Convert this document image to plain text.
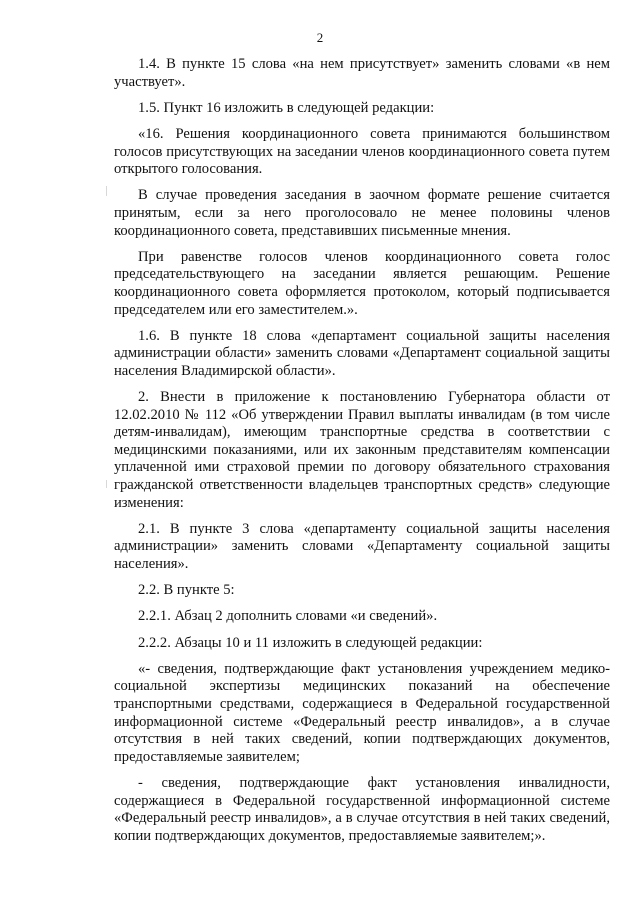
2

1.4. В пункте 15 слова «на нем присутствует» заменить словами «в нем участвует».

1.5. Пункт 16 изложить в следующей редакции:

«16. Решения координационного совета принимаются большинством голосов присутствующих на заседании членов координационного совета путем открытого голосования.

В случае проведения заседания в заочном формате решение считается принятым, если за него проголосовало не менее половины членов координационного совета, представивших письменные мнения.

При равенстве голосов членов координационного совета голос председательствующего на заседании является решающим. Решение координационного совета оформляется протоколом, который подписывается председателем или его заместителем.».

1.6. В пункте 18 слова «департамент социальной защиты населения администрации области» заменить словами «Департамент социальной защиты населения Владимирской области».

2. Внести в приложение к постановлению Губернатора области от 12.02.2010 № 112 «Об утверждении Правил выплаты инвалидам (в том числе детям-инвалидам), имеющим транспортные средства в соответствии с медицинскими показаниями, или их законным представителям компенсации уплаченной ими страховой премии по договору обязательного страхования гражданской ответственности владельцев транспортных средств» следующие изменения:

2.1. В пункте 3 слова «департаменту социальной защиты населения администрации» заменить словами «Департаменту социальной защиты населения».

2.2. В пункте 5:

2.2.1. Абзац 2 дополнить словами «и сведений».

2.2.2. Абзацы 10 и 11 изложить в следующей редакции:

«- сведения, подтверждающие факт установления учреждением медико-социальной экспертизы медицинских показаний на обеспечение транспортными средствами, содержащиеся в Федеральной государственной информационной системе «Федеральный реестр инвалидов», а в случае отсутствия в ней таких сведений, копии подтверждающих документов, предоставляемые заявителем;

- сведения, подтверждающие факт установления инвалидности, содержащиеся в Федеральной государственной информационной системе «Федеральный реестр инвалидов», а в случае отсутствия в ней таких сведений, копии подтверждающих документов, предоставляемые заявителем;».
